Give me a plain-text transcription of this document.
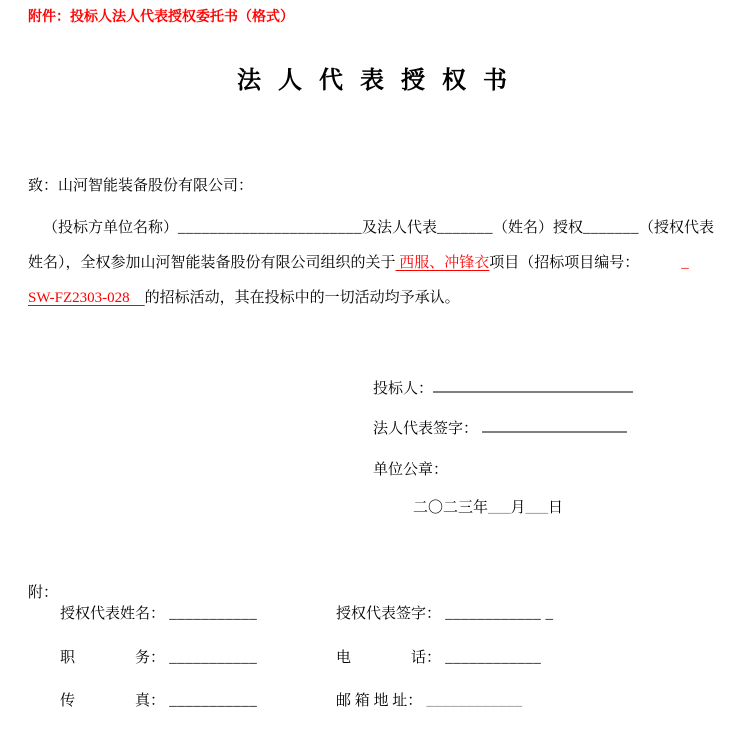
附件：投标人法人代表授权委托书（格式）
法人代表授权书
致：山河智能装备股份有限公司：
（投标方单位名称）_______________________及法人代表_______（姓名）授权_______（授权代表
姓名），全权参加山河智能装备股份有限公司组织的关于 西服、冲锋衣项目（招标项目编号：	_
SW-FZ2303-028　的招标活动，其在投标中的一切活动均予承认。
投标人：
法人代表签字：
单位公章：
二〇二三年___月___日
附：
授权代表姓名： ___________	授权代表签字： ____________ _
职　　　　务： ___________	电　　　　话： ____________
传　　　　真： ___________	邮 箱 地 址： ____________
